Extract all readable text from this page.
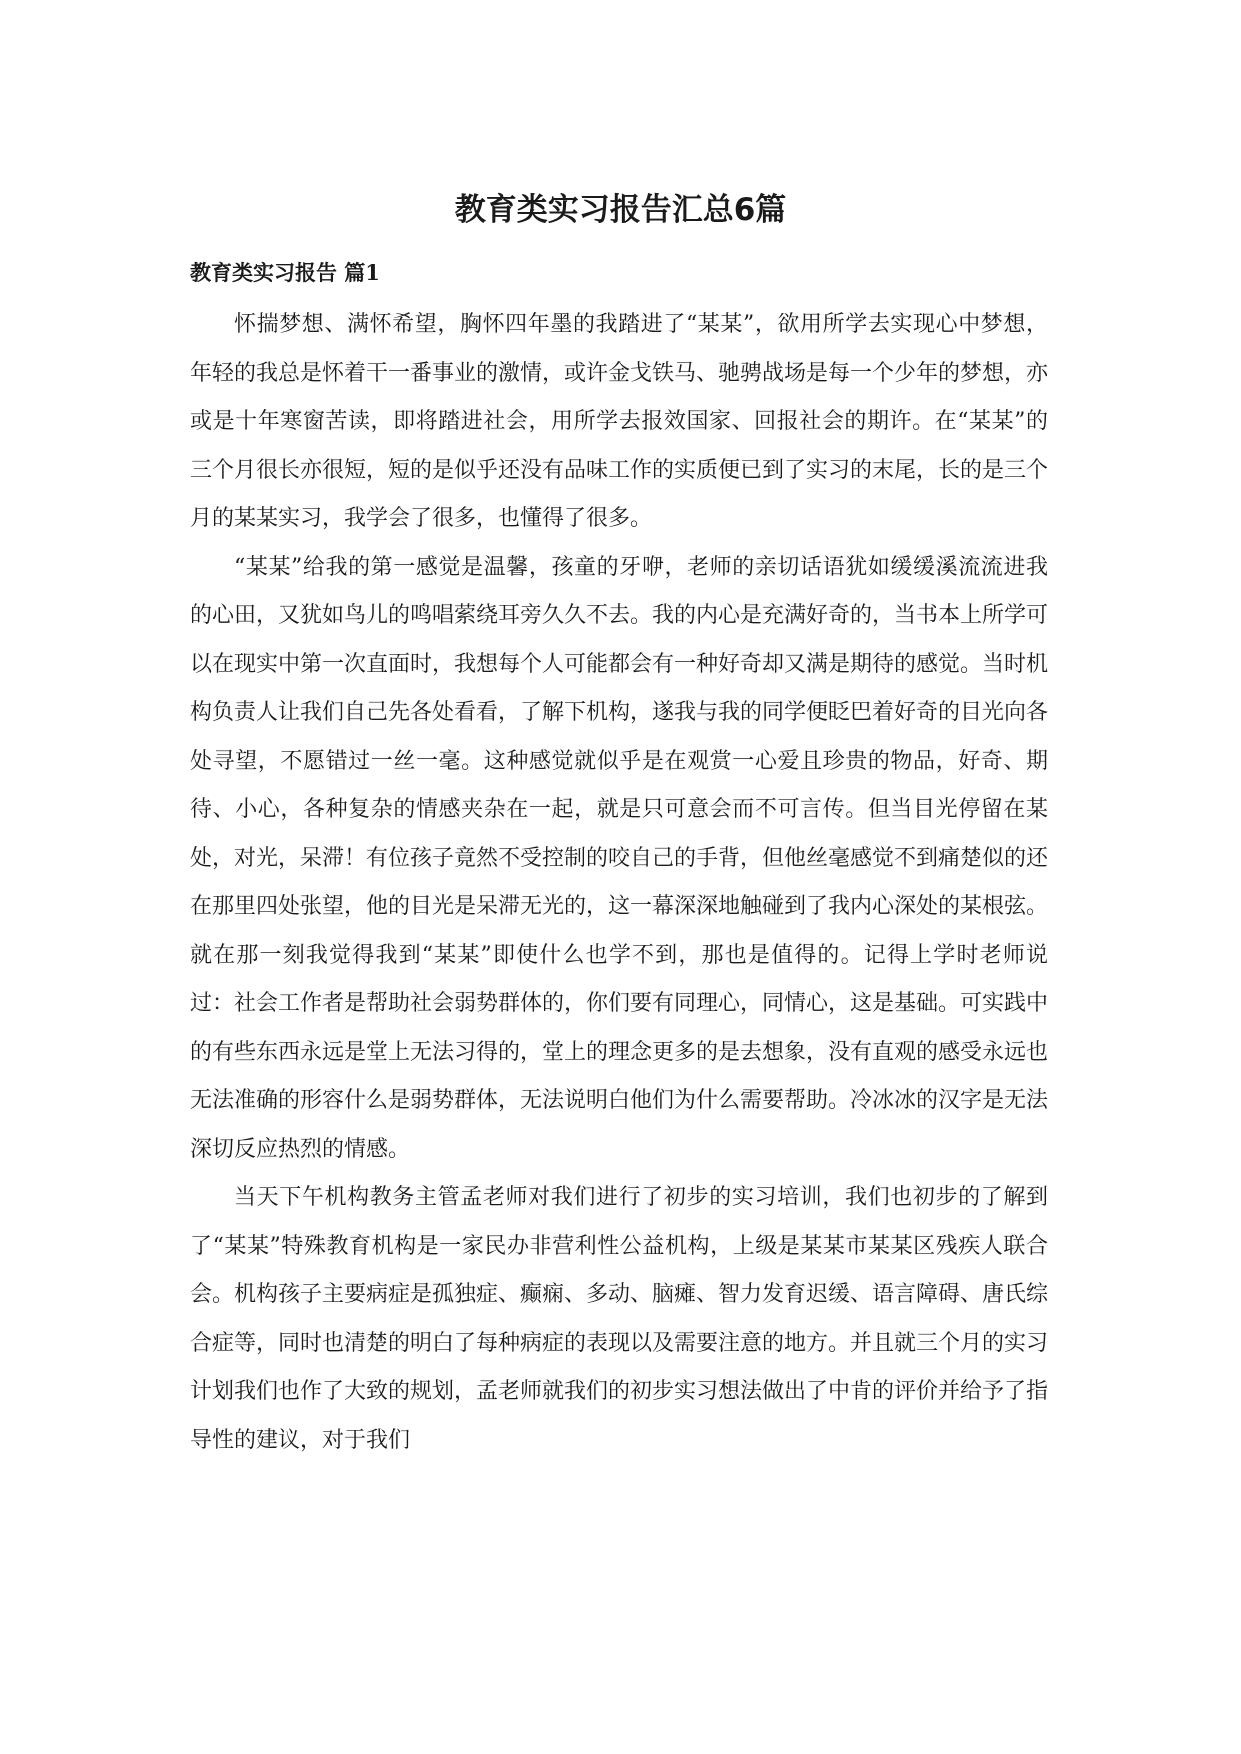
教育类实习报告汇总6篇
教育类实习报告 篇1

怀揣梦想、满怀希望，胸怀四年墨的我踏进了“某某”，欲用所学去实现心中梦想，年轻的我总是怀着干一番事业的激情，或许金戈铁马、驰骋战场是每一个少年的梦想，亦或是十年寒窗苦读，即将踏进社会，用所学去报效国家、回报社会的期许。在“某某”的三个月很长亦很短，短的是似乎还没有品味工作的实质便已到了实习的末尾，长的是三个月的某某实习，我学会了很多，也懂得了很多。

“某某”给我的第一感觉是温馨，孩童的牙咿，老师的亲切话语犹如缓缓溪流流进我的心田，又犹如鸟儿的鸣唱萦绕耳旁久久不去。我的内心是充满好奇的，当书本上所学可以在现实中第一次直面时，我想每个人可能都会有一种好奇却又满是期待的感觉。当时机构负责人让我们自己先各处看看，了解下机构，遂我与我的同学便眨巴着好奇的目光向各处寻望，不愿错过一丝一毫。这种感觉就似乎是在观赏一心爱且珍贵的物品，好奇、期待、小心，各种复杂的情感夹杂在一起，就是只可意会而不可言传。但当目光停留在某处，对光，呆滞！有位孩子竟然不受控制的咬自己的手背，但他丝毫感觉不到痛楚似的还在那里四处张望，他的目光是呆滞无光的，这一幕深深地触碰到了我内心深处的某根弦。就在那一刻我觉得我到“某某”即使什么也学不到，那也是值得的。记得上学时老师说过：社会工作者是帮助社会弱势群体的，你们要有同理心，同情心，这是基础。可实践中的有些东西永远是堂上无法习得的，堂上的理念更多的是去想象，没有直观的感受永远也无法准确的形容什么是弱势群体，无法说明白他们为什么需要帮助。冷冰冰的汉字是无法深切反应热烈的情感。

当天下午机构教务主管孟老师对我们进行了初步的实习培训，我们也初步的了解到了“某某”特殊教育机构是一家民办非营利性公益机构，上级是某某市某某区残疾人联合会。机构孩子主要病症是孤独症、癫痫、多动、脑瘫、智力发育迟缓、语言障碍、唐氏综合症等，同时也清楚的明白了每种病症的表现以及需要注意的地方。并且就三个月的实习计划我们也作了大致的规划，孟老师就我们的初步实习想法做出了中肯的评价并给予了指导性的建议，对于我们
